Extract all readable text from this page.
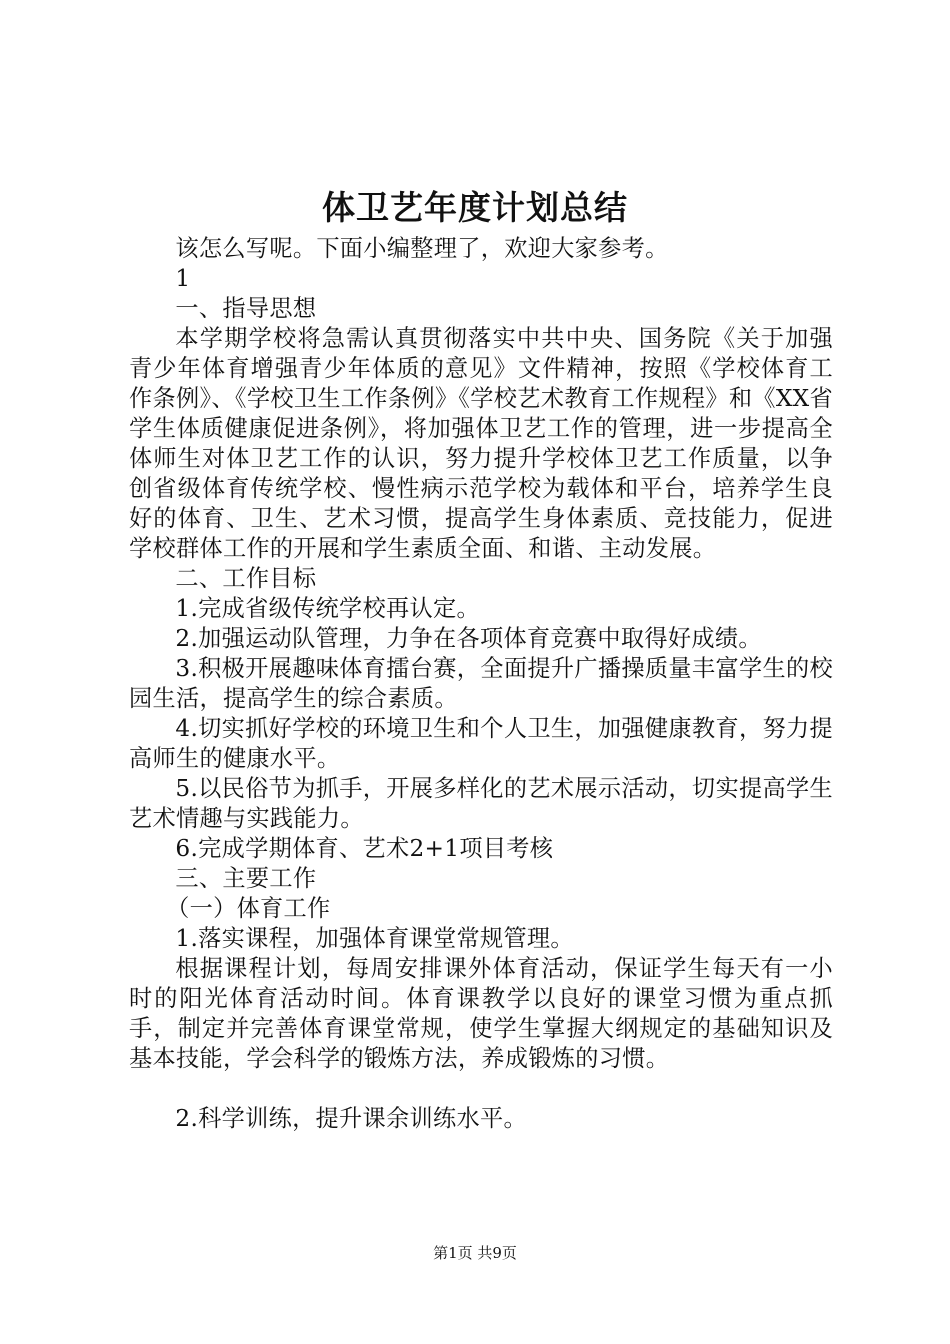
体卫艺年度计划总结

该怎么写呢。下面小编整理了，欢迎大家参考。

1

一、指导思想

本学期学校将急需认真贯彻落实中共中央、国务院《关于加强青少年体育增强青少年体质的意见》文件精神，按照《学校体育工作条例》、《学校卫生工作条例》《学校艺术教育工作规程》和《XX省学生体质健康促进条例》，将加强体卫艺工作的管理，进一步提高全体师生对体卫艺工作的认识，努力提升学校体卫艺工作质量，以争创省级体育传统学校、慢性病示范学校为载体和平台，培养学生良好的体育、卫生、艺术习惯，提高学生身体素质、竞技能力，促进学校群体工作的开展和学生素质全面、和谐、主动发展。

二、工作目标

1.完成省级传统学校再认定。

2.加强运动队管理，力争在各项体育竞赛中取得好成绩。

3.积极开展趣味体育擂台赛，全面提升广播操质量丰富学生的校园生活，提高学生的综合素质。

4.切实抓好学校的环境卫生和个人卫生，加强健康教育，努力提高师生的健康水平。

5.以民俗节为抓手，开展多样化的艺术展示活动，切实提高学生艺术情趣与实践能力。

6.完成学期体育、艺术2+1项目考核

三、主要工作

（一）体育工作

1.落实课程，加强体育课堂常规管理。

根据课程计划，每周安排课外体育活动，保证学生每天有一小时的阳光体育活动时间。体育课教学以良好的课堂习惯为重点抓手，制定并完善体育课堂常规，使学生掌握大纲规定的基础知识及基本技能，学会科学的锻炼方法，养成锻炼的习惯。

2.科学训练，提升课余训练水平。

第1页 共9页
